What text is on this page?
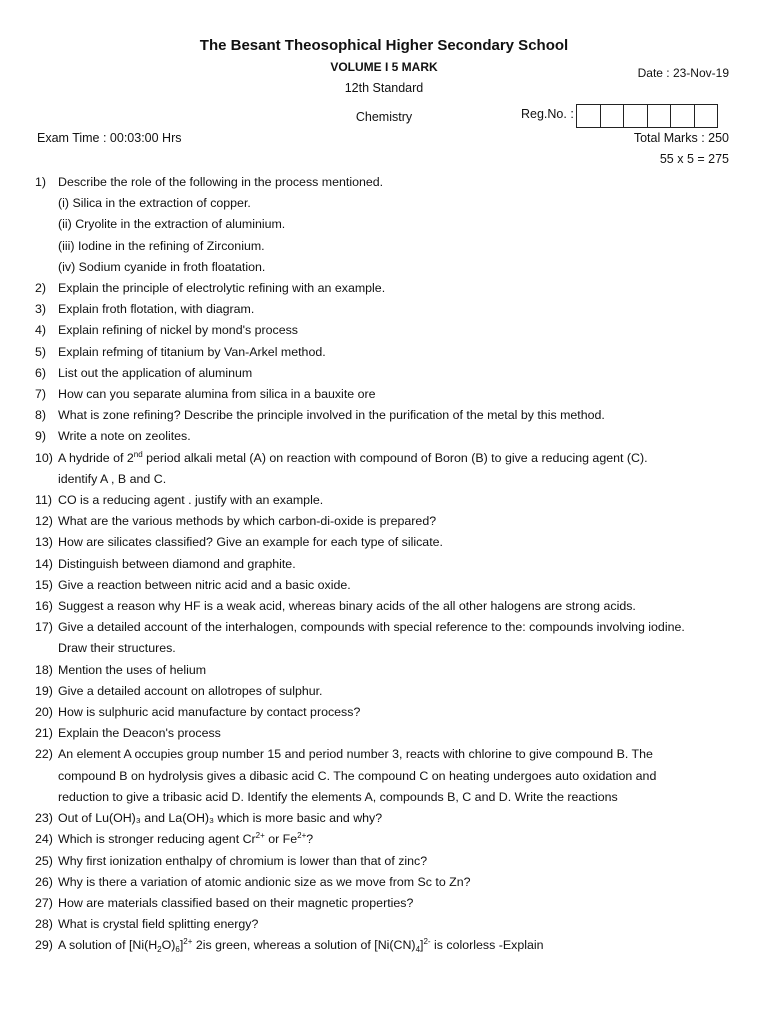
The Besant Theosophical Higher Secondary School
VOLUME I 5 MARK	Date : 23-Nov-19
12th Standard
Chemistry	Reg.No. :
Exam Time : 00:03:00 Hrs	Total Marks : 250
55 x 5 = 275
1) Describe the role of the following in the process mentioned.
(i) Silica in the extraction of copper.
(ii) Cryolite in the extraction of aluminium.
(iii) Iodine in the refining of Zirconium.
(iv) Sodium cyanide in froth floatation.
2) Explain the principle of electrolytic refining with an example.
3) Explain froth flotation, with diagram.
4) Explain refining of nickel by mond's process
5) Explain refming of titanium by Van-Arkel method.
6) List out the application of aluminum
7) How can you separate alumina from silica in a bauxite ore
8) What is zone refining? Describe the principle involved in the purification of the metal by this method.
9) Write a note on zeolites.
10) A hydride of 2nd period alkali metal (A) on reaction with compound of Boron (B) to give a reducing agent (C).
identify A , B and C.
11) CO is a reducing agent . justify with an example.
12) What are the various methods by which carbon-di-oxide is prepared?
13) How are silicates classified? Give an example for each type of silicate.
14) Distinguish between diamond and graphite.
15) Give a reaction between nitric acid and a basic oxide.
16) Suggest a reason why HF is a weak acid, whereas binary acids of the all other halogens are strong acids.
17) Give a detailed account of the interhalogen, compounds with special reference to the: compounds involving iodine.
Draw their structures.
18) Mention the uses of helium
19) Give a detailed account on allotropes of sulphur.
20) How is sulphuric acid manufacture by contact process?
21) Explain the Deacon's process
22) An element A occupies group number 15 and period number 3, reacts with chlorine to give compound B. The
compound B on hydrolysis gives a dibasic acid C. The compound C on heating undergoes auto oxidation and
reduction to give a tribasic acid D. Identify the elements A, compounds B, C and D. Write the reactions
23) Out of Lu(OH)₃ and La(OH)₃ which is more basic and why?
24) Which is stronger reducing agent $Cr^{2+}$ or $Fe^{2+}$?
25) Why first ionization enthalpy of chromium is lower than that of zinc?
26) Why is there a variation of atomic andionic size as we move from Sc to Zn?
27) How are materials classified based on their magnetic properties?
28) What is crystal field splitting energy?
29) A solution of $[Ni(H_2O)_6]^{2+}$ 2is green, whereas a solution of $[Ni(CN)_4]^{2-}$ is colorless -Explain
